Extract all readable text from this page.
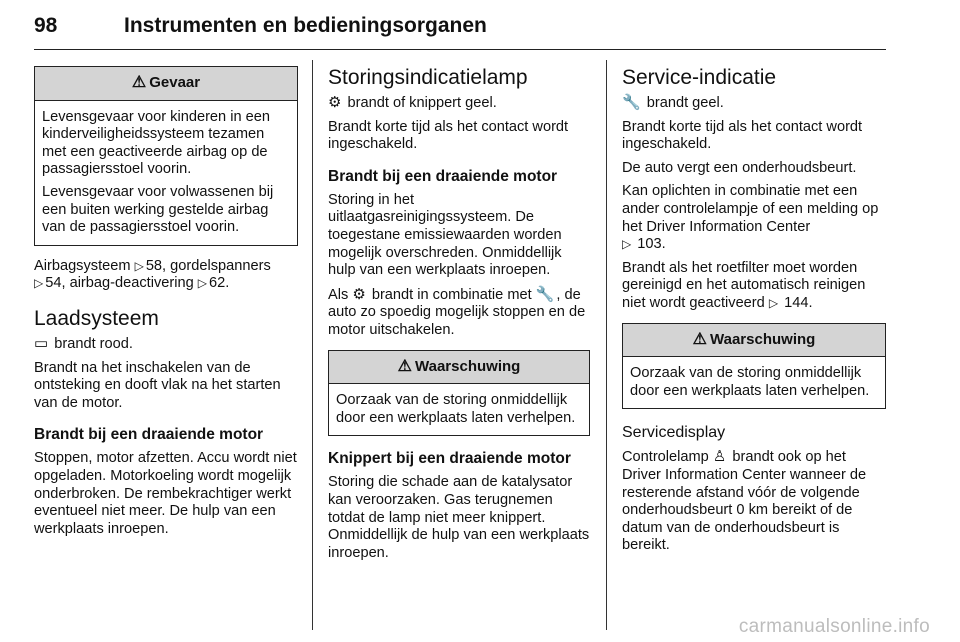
98	Instrumenten en bedieningsorganen
⚠ Gevaar

Levensgevaar voor kinderen in een kinderveiligheidssysteem tezamen met een geactiveerde airbag op de passagiersstoel voorin.

Levensgevaar voor volwassenen bij een buiten werking gestelde airbag van de passagiersstoel voorin.

Airbagsysteem ▷ 58, gordelspanners ▷ 54, airbag-deactivering ▷ 62.

Laadsysteem

▭ brandt rood.

Brandt na het inschakelen van de ontsteking en dooft vlak na het starten van de motor.

Brandt bij een draaiende motor

Stoppen, motor afzetten. Accu wordt niet opgeladen. Motorkoeling wordt mogelijk onderbroken. De rembekrachtiger werkt eventueel niet meer. De hulp van een werkplaats inroepen.

Storingsindicatielamp

⚙ brandt of knippert geel.

Brandt korte tijd als het contact wordt ingeschakeld.

Brandt bij een draaiende motor

Storing in het uitlaatgasreinigingssysteem. De toegestane emissiewaarden worden mogelijk overschreden. Onmiddellijk hulp van een werkplaats inroepen.

Als ⚙ brandt in combinatie met 🔧 , de auto zo spoedig mogelijk stoppen en de motor uitschakelen.

⚠ Waarschuwing

Oorzaak van de storing onmiddellijk door een werkplaats laten verhelpen.

Knippert bij een draaiende motor

Storing die schade aan de katalysator kan veroorzaken. Gas terugnemen totdat de lamp niet meer knippert. Onmiddellijk de hulp van een werkplaats inroepen.

Service-indicatie

🔧 brandt geel.

Brandt korte tijd als het contact wordt ingeschakeld.

De auto vergt een onderhoudsbeurt.

Kan oplichten in combinatie met een ander controlelampje of een melding op het Driver Information Center
▷ 103.

Brandt als het roetfilter moet worden gereinigd en het automatisch reinigen niet wordt geactiveerd ▷ 144.

⚠ Waarschuwing

Oorzaak van de storing onmiddellijk door een werkplaats laten verhelpen.

Servicedisplay

Controlelamp ♙ brandt ook op het Driver Information Center wanneer de resterende afstand vóór de volgende onderhoudsbeurt 0 km bereikt of de datum van de onderhoudsbeurt is bereikt.

carmanualsonline.info
